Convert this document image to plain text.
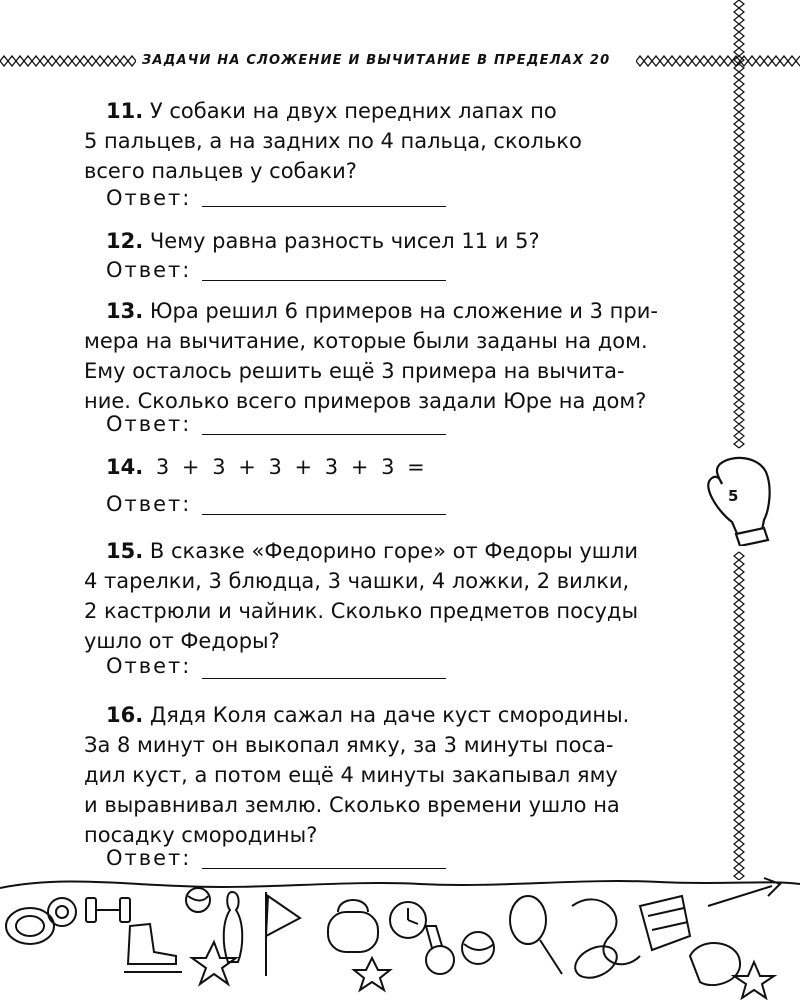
ЗАДАЧИ НА СЛОЖЕНИЕ И ВЫЧИТАНИЕ В ПРЕДЕЛАХ 20
5
11. У собаки на двух передних лапах по
5 пальцев, а на задних по 4 пальца, сколько
всего пальцев у собаки?
Ответ:
12. Чему равна разность чисел 11 и 5?
Ответ:
13. Юра решил 6 примеров на сложение и 3 при-
мера на вычитание, которые были заданы на дом.
Ему осталось решить ещё 3 примера на вычита-
ние. Сколько всего примеров задали Юре на дом?
Ответ:
14. 3 + 3 + 3 + 3 + 3 =
Ответ:
15. В сказке «Федорино горе» от Федоры ушли
4 тарелки, 3 блюдца, 3 чашки, 4 ложки, 2 вилки,
2 кастрюли и чайник. Сколько предметов посуды
ушло от Федоры?
Ответ:
16. Дядя Коля сажал на даче куст смородины.
За 8 минут он выкопал ямку, за 3 минуты поса-
дил куст, а потом ещё 4 минуты закапывал яму
и выравнивал землю. Сколько времени ушло на
посадку смородины?
Ответ:
